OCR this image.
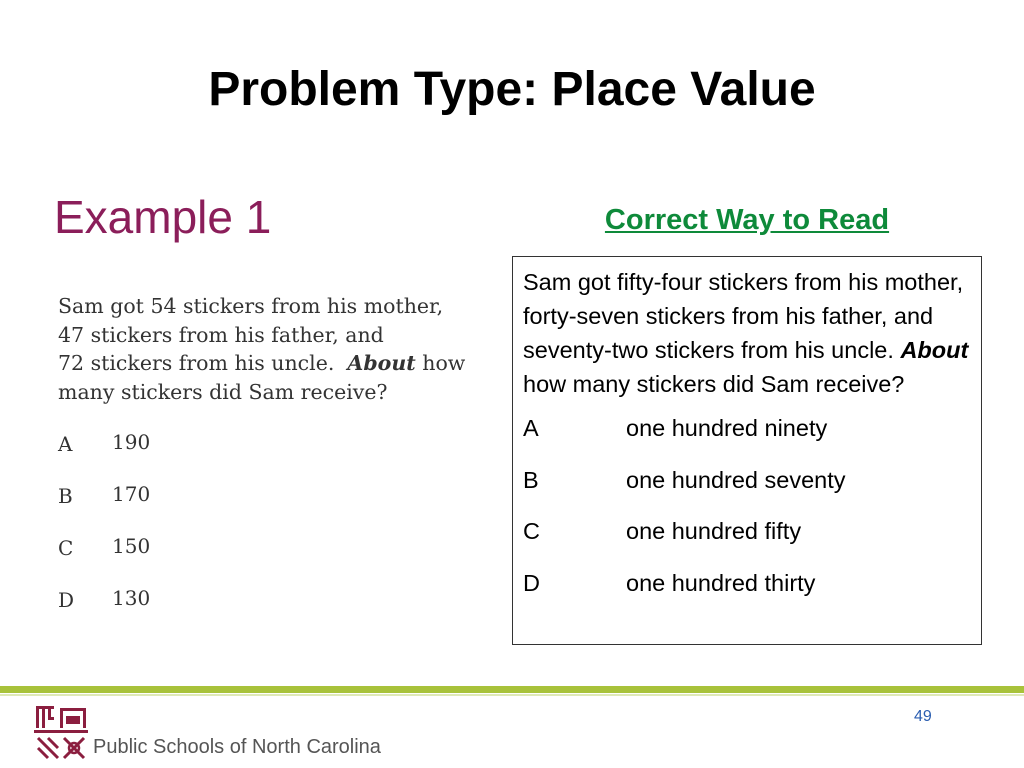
Problem Type: Place Value
Example 1	Correct Way to Read
Sam got 54 stickers from his mother,
47 stickers from his father, and
72 stickers from his uncle. About how
many stickers did Sam receive?
A	190
B	170
C	150
D	130
Sam got fifty-four stickers from his mother, forty-seven stickers from his father, and seventy-two stickers from his uncle. About how many stickers did Sam receive?
A	one hundred ninety
B	one hundred seventy
C	one hundred fifty
D	one hundred thirty
Public Schools of North Carolina
49
